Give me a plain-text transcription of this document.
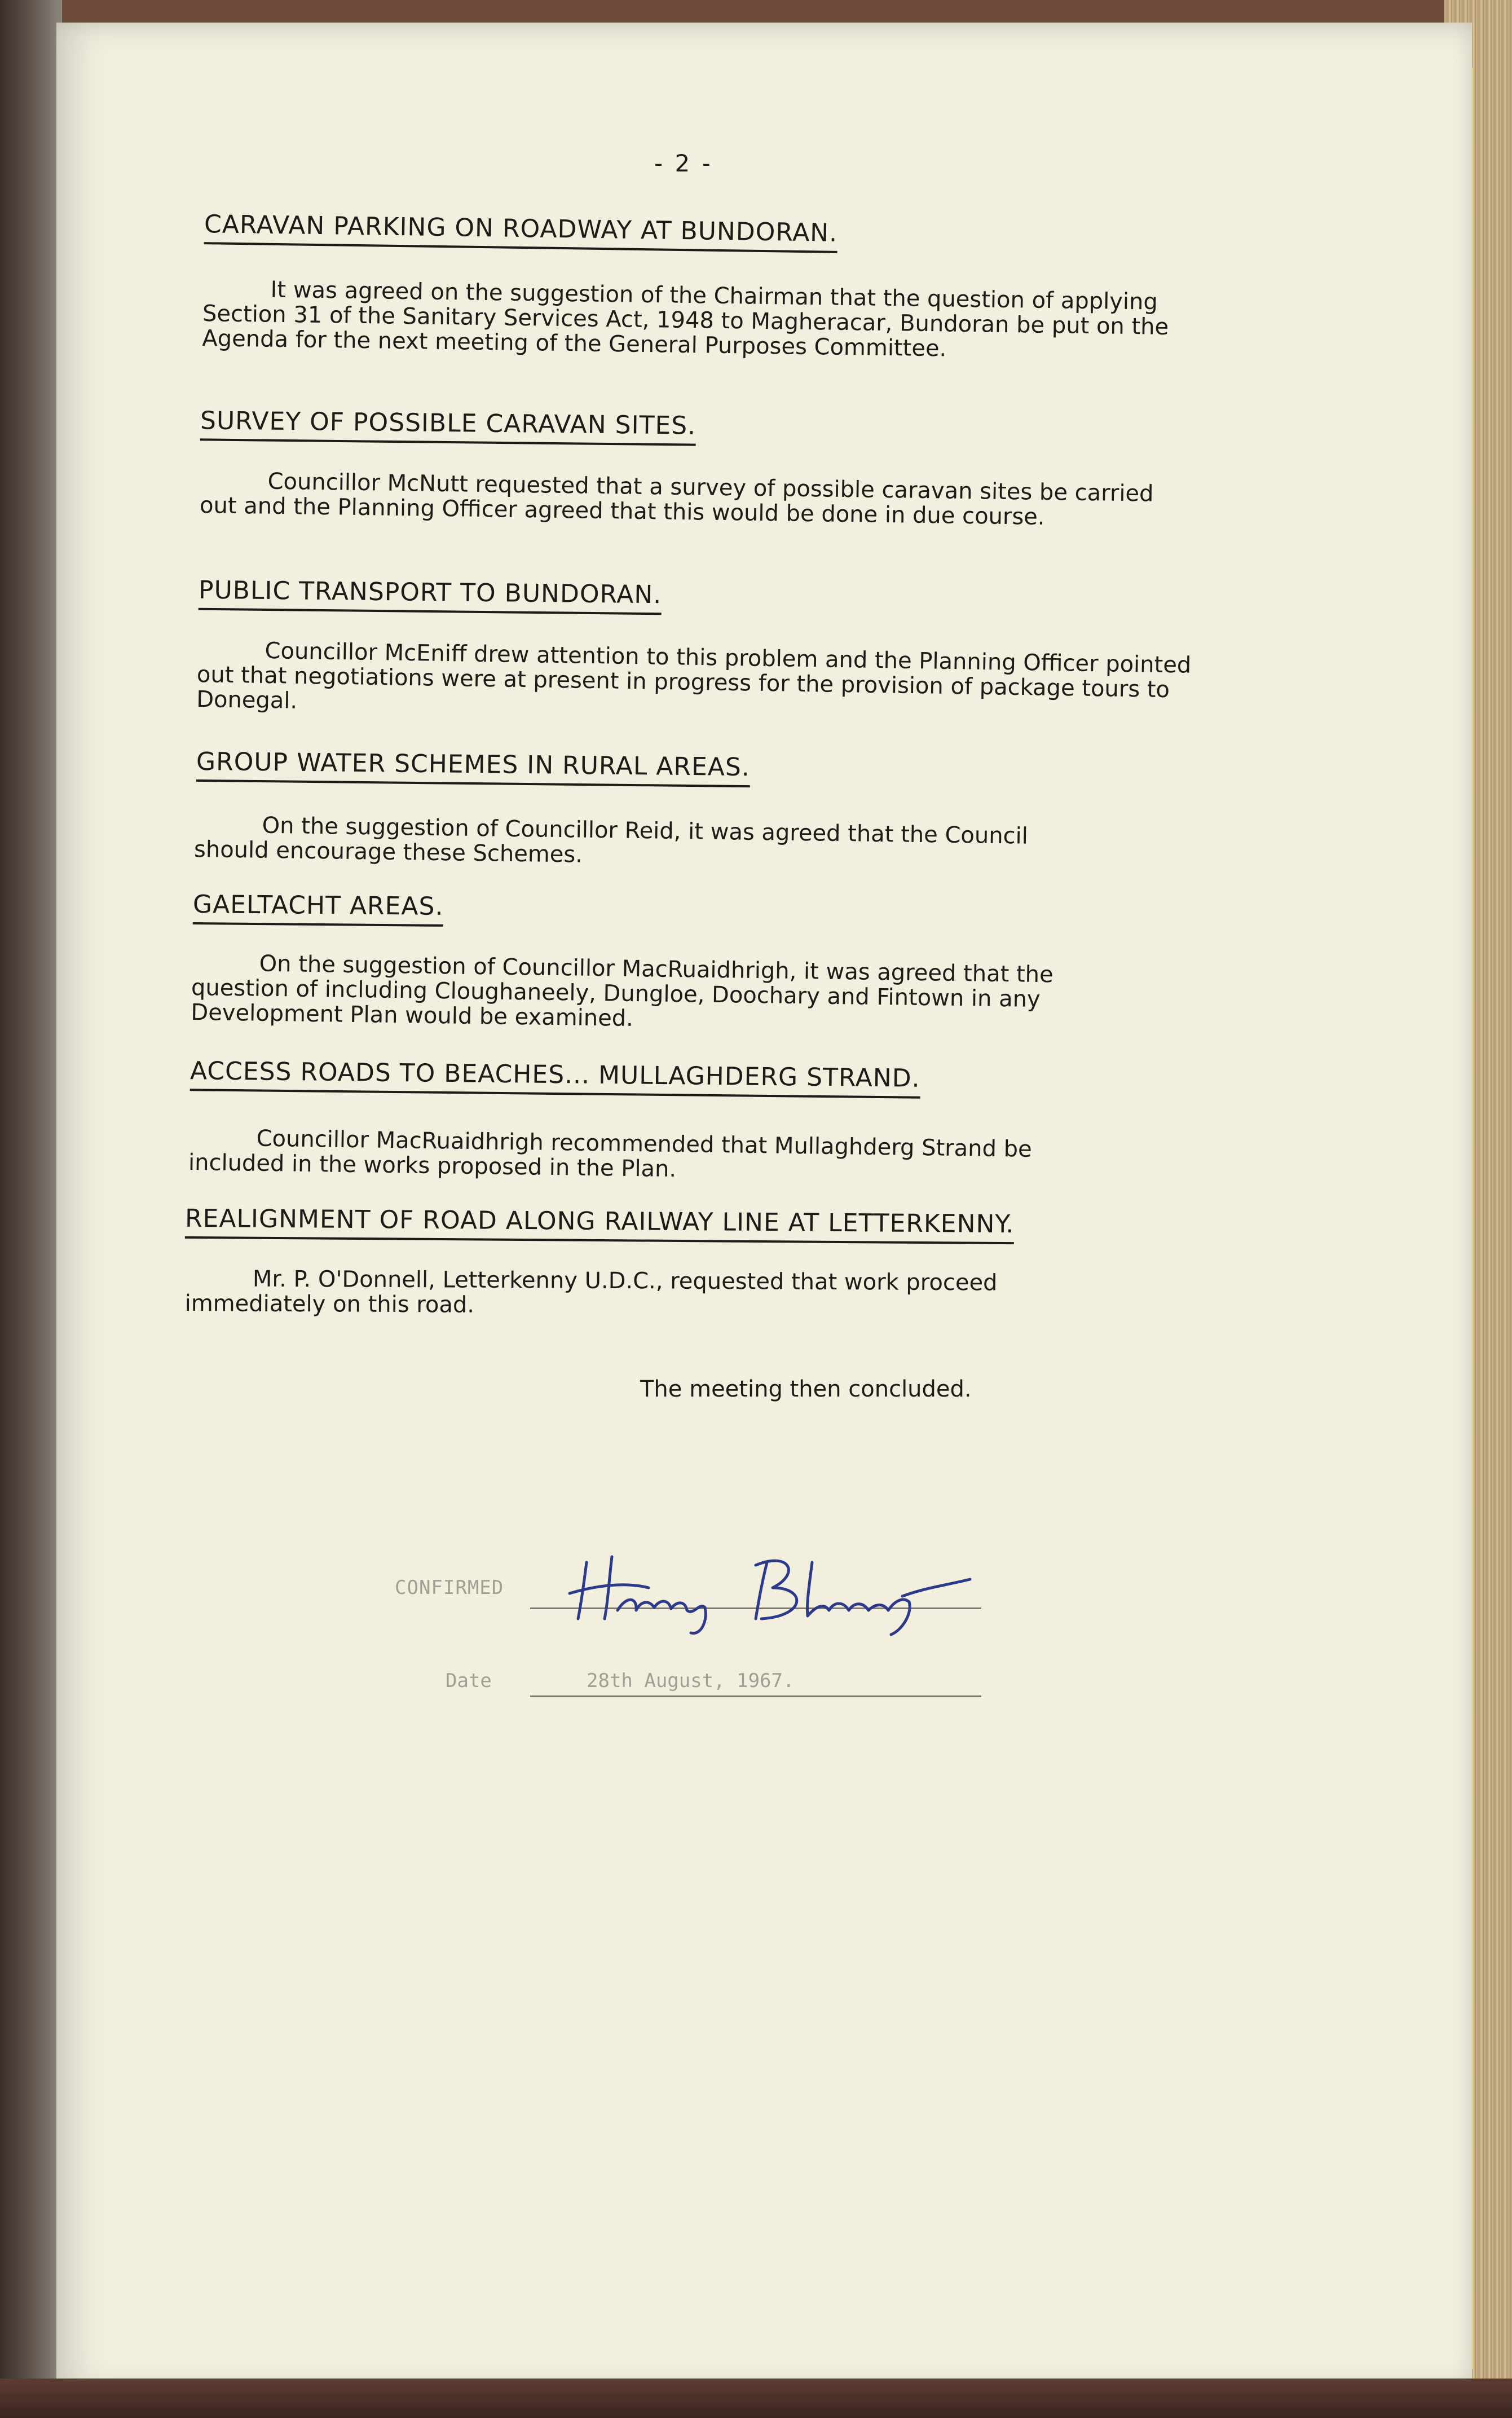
- 2 -
CARAVAN PARKING ON ROADWAY AT BUNDORAN.
It was agreed on the suggestion of the Chairman that the question of applying Section 31 of the Sanitary Services Act, 1948 to Magheracar, Bundoran be put on the Agenda for the next meeting of the General Purposes Committee.
SURVEY OF POSSIBLE CARAVAN SITES.
Councillor McNutt requested that a survey of possible caravan sites be carried out and the Planning Officer agreed that this would be done in due course.
PUBLIC TRANSPORT TO BUNDORAN.
Councillor McEniff drew attention to this problem and the Planning Officer pointed out that negotiations were at present in progress for the provision of package tours to Donegal.
GROUP WATER SCHEMES IN RURAL AREAS.
On the suggestion of Councillor Reid, it was agreed that the Council should encourage these Schemes.
GAELTACHT AREAS.
On the suggestion of Councillor MacRuaidhrigh, it was agreed that the question of including Cloughaneely, Dungloe, Doochary and Fintown in any Development Plan would be examined.
ACCESS ROADS TO BEACHES... MULLAGHDERG STRAND.
Councillor MacRuaidhrigh recommended that Mullaghderg Strand be included in the works proposed in the Plan.
REALIGNMENT OF ROAD ALONG RAILWAY LINE AT LETTERKENNY.
Mr. P. O'Donnell, Letterkenny U.D.C., requested that work proceed immediately on this road.
The meeting then concluded.
CONFIRMED
Date	28th August, 1967.
